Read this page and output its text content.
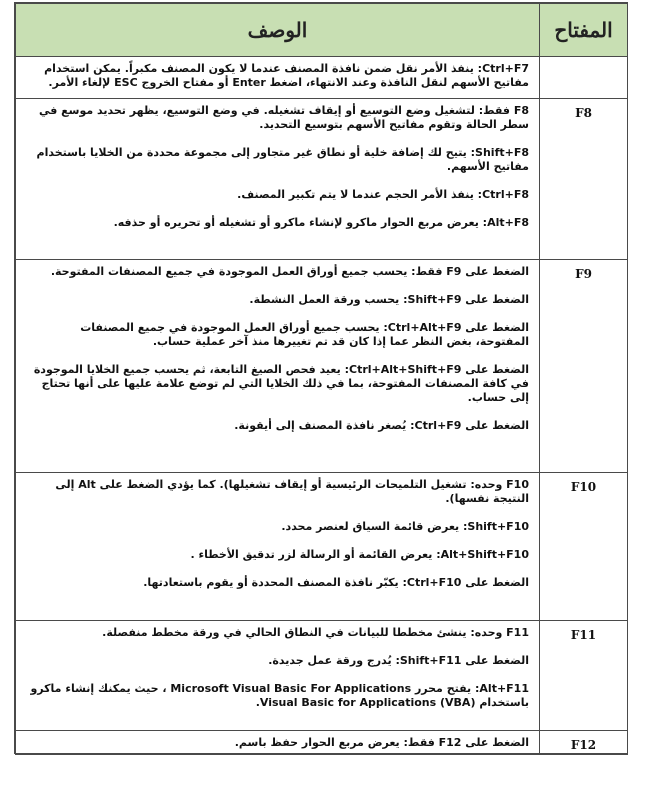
المفتاح	الوصف

	Ctrl+F7: ينفذ الأمر نقل ضمن نافذة المصنف عندما لا يكون المصنف مكبراً. يمكن استخدام مفاتيح الأسهم لنقل النافذة وعند الانتهاء، اضغط Enter أو مفتاح الخروج ESC لإلغاء الأمر.

F8	F8 فقط: لتشغيل وضع التوسيع أو إيقاف تشغيله. في وضع التوسيع، يظهر تحديد موسع في سطر الحالة وتقوم مفاتيح الأسهم بتوسيع التحديد.

Shift+F8: يتيح لك إضافة خلية أو نطاق غير متجاور إلى مجموعة محددة من الخلايا باستخدام مفاتيح الأسهم.

Ctrl+F8: ينفذ الأمر الحجم عندما لا يتم تكبير المصنف.

Alt+F8: يعرض مربع الحوار ماكرو لإنشاء ماكرو أو تشغيله أو تحريره أو حذفه.

F9	الضغط على F9 فقط: يحسب جميع أوراق العمل الموجودة في جميع المصنفات المفتوحة.

الضغط على Shift+F9: يحسب ورقة العمل النشطة.

الضغط على Ctrl+Alt+F9: يحسب جميع أوراق العمل الموجودة في جميع المصنفات المفتوحة، بغض النظر عما إذا كان قد تم تغييرها منذ آخر عملية حساب.

الضغط على Ctrl+Alt+Shift+F9: يعيد فحص الصيغ التابعة، ثم يحسب جميع الخلايا الموجودة في كافة المصنفات المفتوحة، بما في ذلك الخلايا التي لم توضع علامة عليها على أنها تحتاج إلى حساب.

الضغط على Ctrl+F9: يُصغر نافذة المصنف إلى أيقونة.

F10	F10 وحده: تشغيل التلميحات الرئيسية أو إيقاف تشغيلها). كما يؤدي الضغط على Alt إلى النتيجة نفسها).

Shift+F10: يعرض قائمة السياق لعنصر محدد.

Alt+Shift+F10: يعرض القائمة أو الرسالة لزر تدقيق الأخطاء .

الضغط على Ctrl+F10: يكبّر نافذة المصنف المحددة أو يقوم باستعادتها.

F11	F11 وحده: ينشئ مخططا للبيانات في النطاق الحالي في ورقة مخطط منفصلة.

الضغط على Shift+F11: يُدرج ورقة عمل جديدة.

Alt+F11: يفتح محرر Microsoft Visual Basic For Applications ، حيث يمكنك إنشاء ماكرو باستخدام Visual Basic for Applications (VBA).

F12	الضغط على F12 فقط: يعرض مربع الحوار حفظ باسم.
